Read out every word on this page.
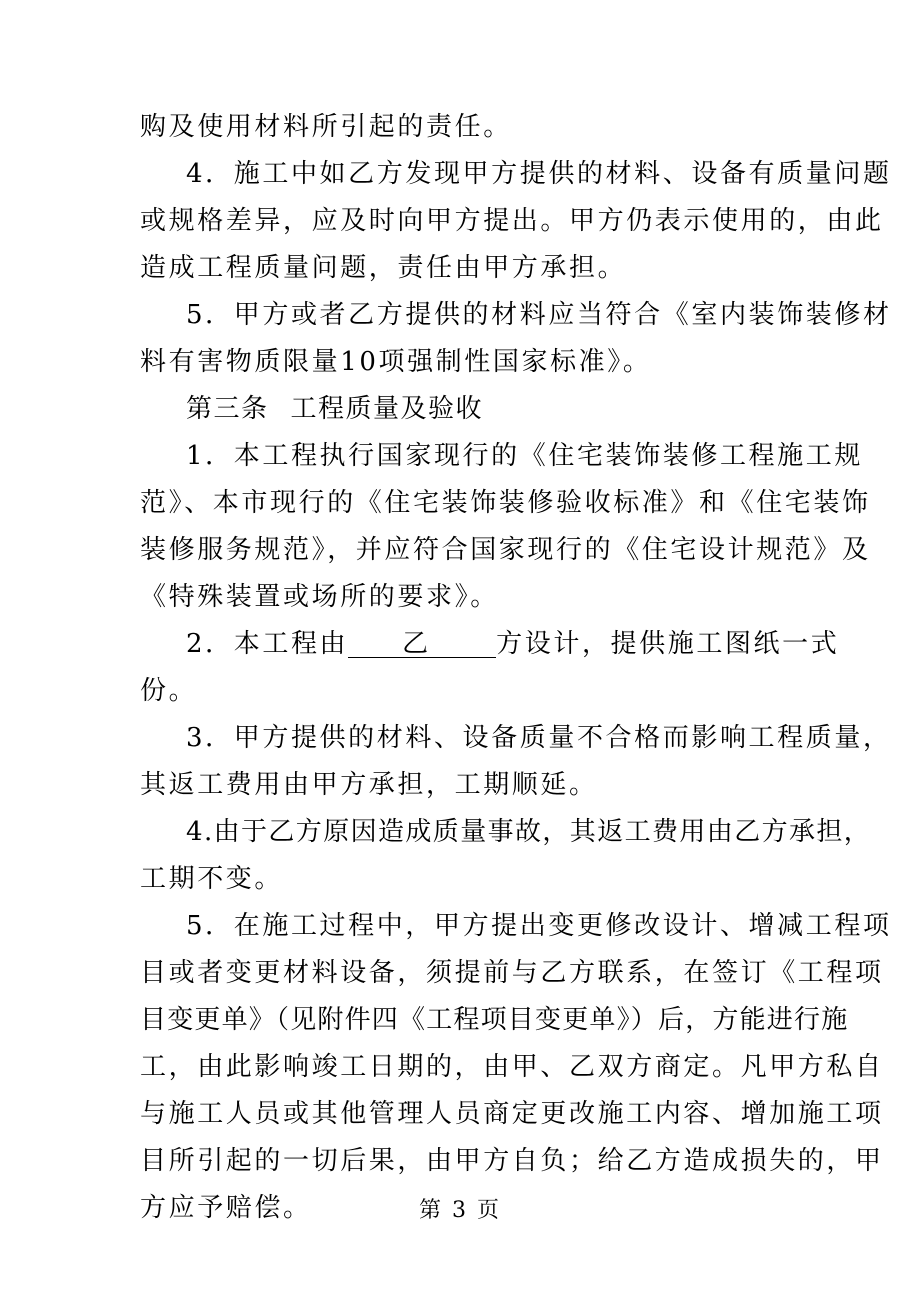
购及使用材料所引起的责任。
4．施工中如乙方发现甲方提供的材料、设备有质量问题
或规格差异，应及时向甲方提出。甲方仍表示使用的，由此
造成工程质量问题，责任由甲方承担。
5．甲方或者乙方提供的材料应当符合《室内装饰装修材
料有害物质限量10项强制性国家标准》。
第三条 工程质量及验收
1．本工程执行国家现行的《住宅装饰装修工程施工规
范》、本市现行的《住宅装饰装修验收标准》和《住宅装饰
装修服务规范》，并应符合国家现行的《住宅设计规范》及
《特殊装置或场所的要求》。
2．本工程由 乙	方设计，提供施工图纸一式
份。
3．甲方提供的材料、设备质量不合格而影响工程质量，
其返工费用由甲方承担，工期顺延。
4.由于乙方原因造成质量事故，其返工费用由乙方承担，
工期不变。
5．在施工过程中，甲方提出变更修改设计、增减工程项
目或者变更材料设备，须提前与乙方联系，在签订《工程项
目变更单》（见附件四《工程项目变更单》）后，方能进行施
工，由此影响竣工日期的，由甲、乙双方商定。凡甲方私自
与施工人员或其他管理人员商定更改施工内容、增加施工项
目所引起的一切后果，由甲方自负；给乙方造成损失的，甲
方应予赔偿。	第 3 页
